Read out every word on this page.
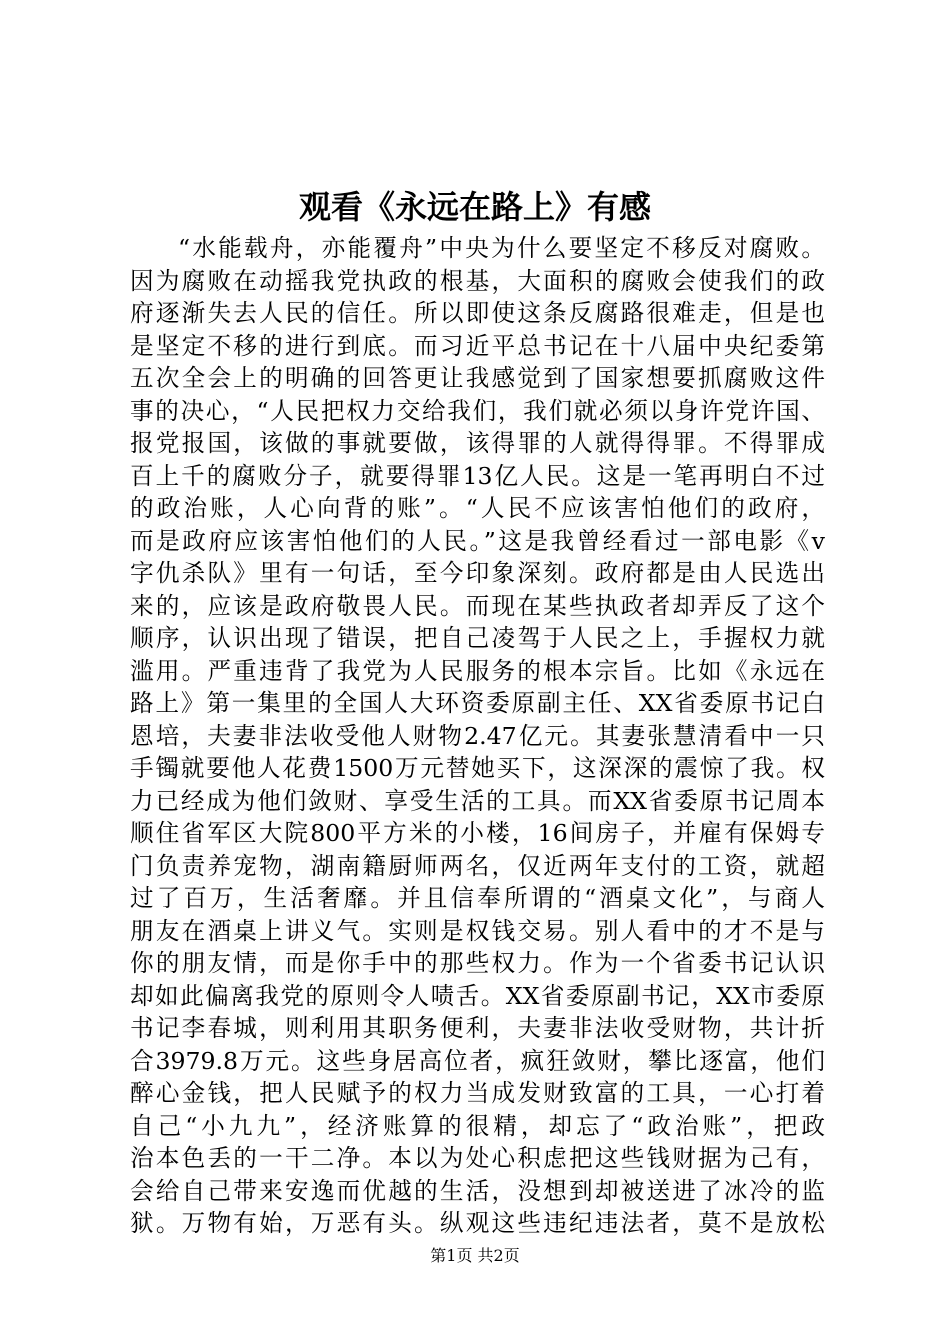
观看《永远在路上》有感
“水能载舟，亦能覆舟”中央为什么要坚定不移反对腐败。
因为腐败在动摇我党执政的根基，大面积的腐败会使我们的政
府逐渐失去人民的信任。所以即使这条反腐路很难走，但是也
是坚定不移的进行到底。而习近平总书记在十八届中央纪委第
五次全会上的明确的回答更让我感觉到了国家想要抓腐败这件
事的决心，“人民把权力交给我们，我们就必须以身许党许国、
报党报国，该做的事就要做，该得罪的人就得得罪。不得罪成
百上千的腐败分子，就要得罪13亿人民。这是一笔再明白不过
的政治账，人心向背的账”。“人民不应该害怕他们的政府，
而是政府应该害怕他们的人民。”这是我曾经看过一部电影《v
字仇杀队》里有一句话，至今印象深刻。政府都是由人民选出
来的，应该是政府敬畏人民。而现在某些执政者却弄反了这个
顺序，认识出现了错误，把自己凌驾于人民之上，手握权力就
滥用。严重违背了我党为人民服务的根本宗旨。比如《永远在
路上》第一集里的全国人大环资委原副主任、XX省委原书记白
恩培，夫妻非法收受他人财物2.47亿元。其妻张慧清看中一只
手镯就要他人花费1500万元替她买下，这深深的震惊了我。权
力已经成为他们敛财、享受生活的工具。而XX省委原书记周本
顺住省军区大院800平方米的小楼，16间房子，并雇有保姆专
门负责养宠物，湖南籍厨师两名，仅近两年支付的工资，就超
过了百万，生活奢靡。并且信奉所谓的“酒桌文化”，与商人
朋友在酒桌上讲义气。实则是权钱交易。别人看中的才不是与
你的朋友情，而是你手中的那些权力。作为一个省委书记认识
却如此偏离我党的原则令人啧舌。XX省委原副书记，XX市委原
书记李春城，则利用其职务便利，夫妻非法收受财物，共计折
合3979.8万元。这些身居高位者，疯狂敛财，攀比逐富，他们
醉心金钱，把人民赋予的权力当成发财致富的工具，一心打着
自己“小九九”，经济账算的很精，却忘了“政治账”，把政
治本色丢的一干二净。本以为处心积虑把这些钱财据为己有，
会给自己带来安逸而优越的生活，没想到却被送进了冰冷的监
狱。万物有始，万恶有头。纵观这些违纪违法者，莫不是放松
第1页 共2页
